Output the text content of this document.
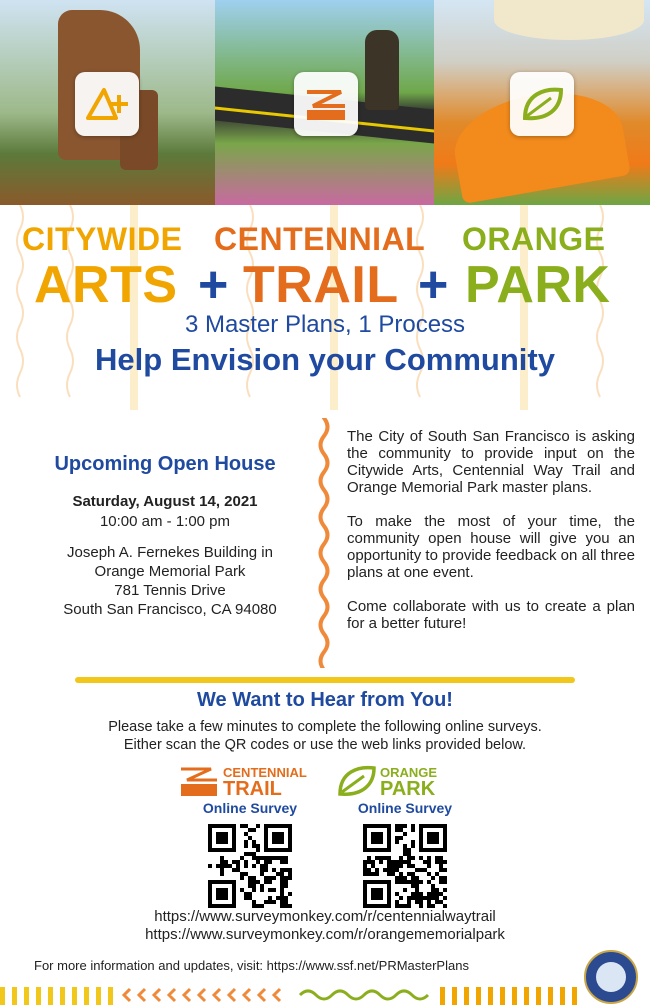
CITYWIDE CENTENNIAL ORANGE
ARTS + TRAIL + PARK
3 Master Plans, 1 Process
Help Envision your Community
Upcoming Open House
Saturday, August 14, 2021
10:00 am - 1:00 pm
Joseph A. Fernekes Building in
Orange Memorial Park
781 Tennis Drive
South San Francisco, CA 94080

The City of South San Francisco is asking the community to provide input on the Citywide Arts, Centennial Way Trail and Orange Memorial Park master plans.

To make the most of your time, the community open house will give you an opportunity to provide feedback on all three plans at one event.

Come collaborate with us to create a plan for a better future!

We Want to Hear from You!
Please take a few minutes to complete the following online surveys.
Either scan the QR codes or use the web links provided below.
CENTENNIAL
TRAIL
Online Survey
ORANGE
PARK
Online Survey
https://www.surveymonkey.com/r/centennialwaytrail
https://www.surveymonkey.com/r/orangememorialpark
For more information and updates, visit: https://www.ssf.net/PRMasterPlans
